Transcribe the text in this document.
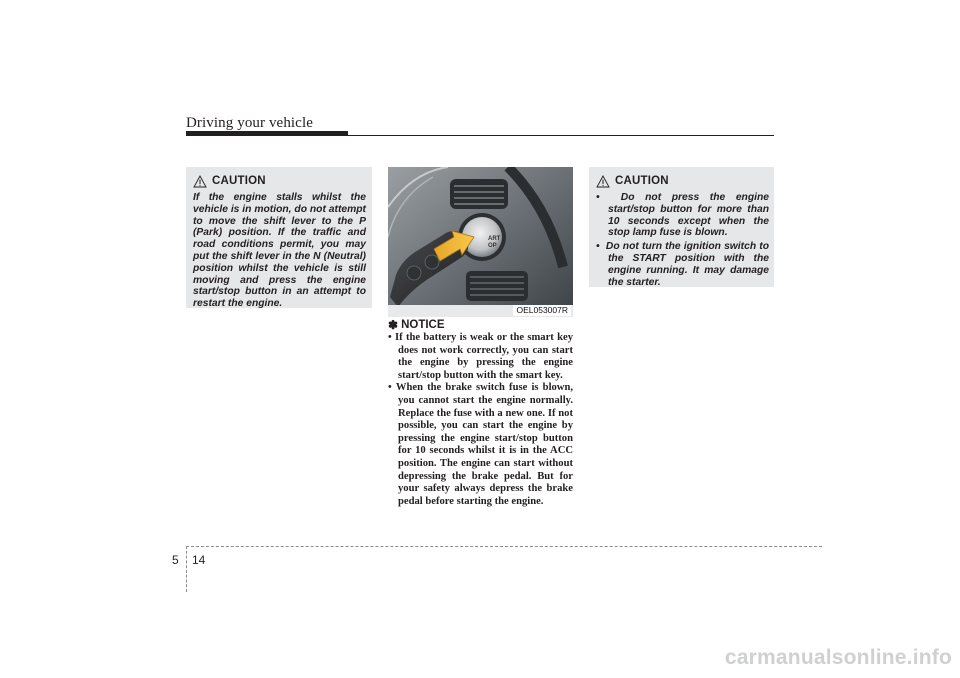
Driving your vehicle
CAUTION
If the engine stalls whilst the vehicle is in motion, do not attempt to move the shift lever to the P (Park) position. If the traffic and road conditions permit, you may put the shift lever in the N (Neutral) position whilst the vehicle is still moving and press the engine start/stop button in an attempt to restart the engine.
ART
OP
OEL053007R
✽ NOTICE
• If the battery is weak or the smart key does not work correctly, you can start the engine by pressing the engine start/stop button with the smart key.
• When the brake switch fuse is blown, you cannot start the engine normally. Replace the fuse with a new one. If not possible, you can start the engine by pressing the engine start/stop button for 10 seconds whilst it is in the ACC position. The engine can start without depressing the brake pedal. But for your safety always depress the brake pedal before starting the engine.
CAUTION
•  Do not press the engine start/stop button for more than 10 seconds except when the stop lamp fuse is blown.
•  Do not turn the ignition switch to the START position with the engine running. It may damage the starter.
5 14
carmanualsonline.info
